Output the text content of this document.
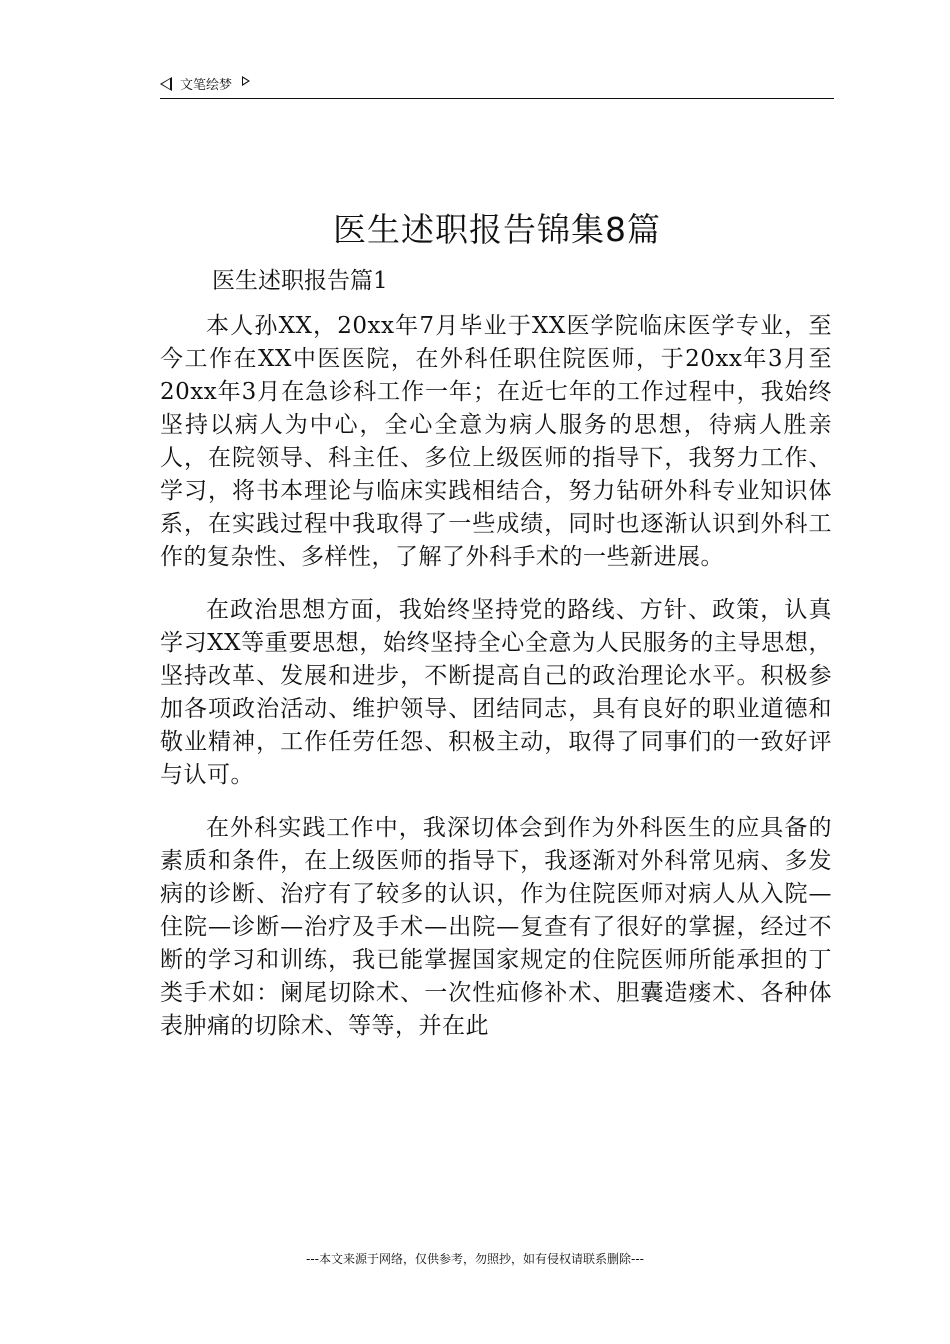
文笔绘梦
医生述职报告锦集8篇
医生述职报告篇1

本人孙XX，20xx年7月毕业于XX医学院临床医学专业，至今工作在XX中医医院，在外科任职住院医师，于20xx年3月至20xx年3月在急诊科工作一年；在近七年的工作过程中，我始终坚持以病人为中心，全心全意为病人服务的思想，待病人胜亲人，在院领导、科主任、多位上级医师的指导下，我努力工作、学习，将书本理论与临床实践相结合，努力钻研外科专业知识体系，在实践过程中我取得了一些成绩，同时也逐渐认识到外科工作的复杂性、多样性，了解了外科手术的一些新进展。

在政治思想方面，我始终坚持党的路线、方针、政策，认真学习XX等重要思想，始终坚持全心全意为人民服务的主导思想，坚持改革、发展和进步，不断提高自己的政治理论水平。积极参加各项政治活动、维护领导、团结同志，具有良好的职业道德和敬业精神，工作任劳任怨、积极主动，取得了同事们的一致好评与认可。

在外科实践工作中，我深切体会到作为外科医生的应具备的素质和条件，在上级医师的指导下，我逐渐对外科常见病、多发病的诊断、治疗有了较多的认识，作为住院医师对病人从入院—住院—诊断—治疗及手术—出院—复查有了很好的掌握，经过不断的学习和训练，我已能掌握国家规定的住院医师所能承担的丁类手术如：阑尾切除术、一次性疝修补术、胆囊造瘘术、各种体表肿痛的切除术、等等，并在此

---本文来源于网络，仅供参考，勿照抄，如有侵权请联系删除---
